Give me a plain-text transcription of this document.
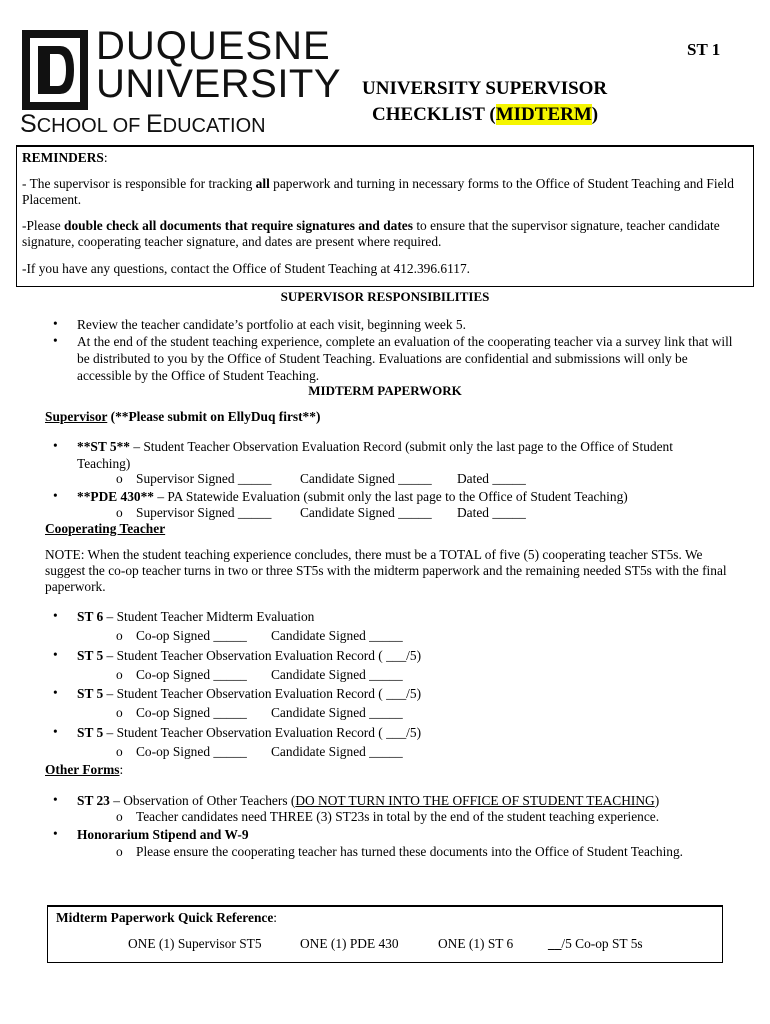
DUQUESNE
UNIVERSITY
SCHOOL OF EDUCATION
ST 1
UNIVERSITY SUPERVISOR
CHECKLIST (MIDTERM)

REMINDERS:

- The supervisor is responsible for tracking all paperwork and turning in necessary forms to the Office of Student Teaching and Field Placement.

-Please double check all documents that require signatures and dates to ensure that the supervisor signature, teacher candidate signature, cooperating teacher signature, and dates are present where required.

-If you have any questions, contact the Office of Student Teaching at 412.396.6117.

SUPERVISOR RESPONSIBILITIES
• Review the teacher candidate’s portfolio at each visit, beginning week 5.
• At the end of the student teaching experience, complete an evaluation of the cooperating teacher via a survey link that will be distributed to you by the Office of Student Teaching. Evaluations are confidential and submissions will only be accessible by the Office of Student Teaching.
MIDTERM PAPERWORK
Supervisor (**Please submit on EllyDuq first**)
• **ST 5** – Student Teacher Observation Evaluation Record (submit only the last page to the Office of Student Teaching)
o Supervisor Signed _____ Candidate Signed _____ Dated _____
• **PDE 430** – PA Statewide Evaluation (submit only the last page to the Office of Student Teaching)
o Supervisor Signed _____ Candidate Signed _____ Dated _____
Cooperating Teacher
NOTE: When the student teaching experience concludes, there must be a TOTAL of five (5) cooperating teacher ST5s. We suggest the co-op teacher turns in two or three ST5s with the midterm paperwork and the remaining needed ST5s with the final paperwork.
• ST 6 – Student Teacher Midterm Evaluation
o Co-op Signed _____ Candidate Signed _____
• ST 5 – Student Teacher Observation Evaluation Record ( ___/5)
o Co-op Signed _____ Candidate Signed _____
• ST 5 – Student Teacher Observation Evaluation Record ( ___/5)
o Co-op Signed _____ Candidate Signed _____
• ST 5 – Student Teacher Observation Evaluation Record ( ___/5)
o Co-op Signed _____ Candidate Signed _____
Other Forms:
• ST 23 – Observation of Other Teachers (DO NOT TURN INTO THE OFFICE OF STUDENT TEACHING)
o Teacher candidates need THREE (3) ST23s in total by the end of the student teaching experience.
• Honorarium Stipend and W-9
o Please ensure the cooperating teacher has turned these documents into the Office of Student Teaching.
Midterm Paperwork Quick Reference:
ONE (1) Supervisor ST5	ONE (1) PDE 430	ONE (1) ST 6	__/5 Co-op ST 5s
